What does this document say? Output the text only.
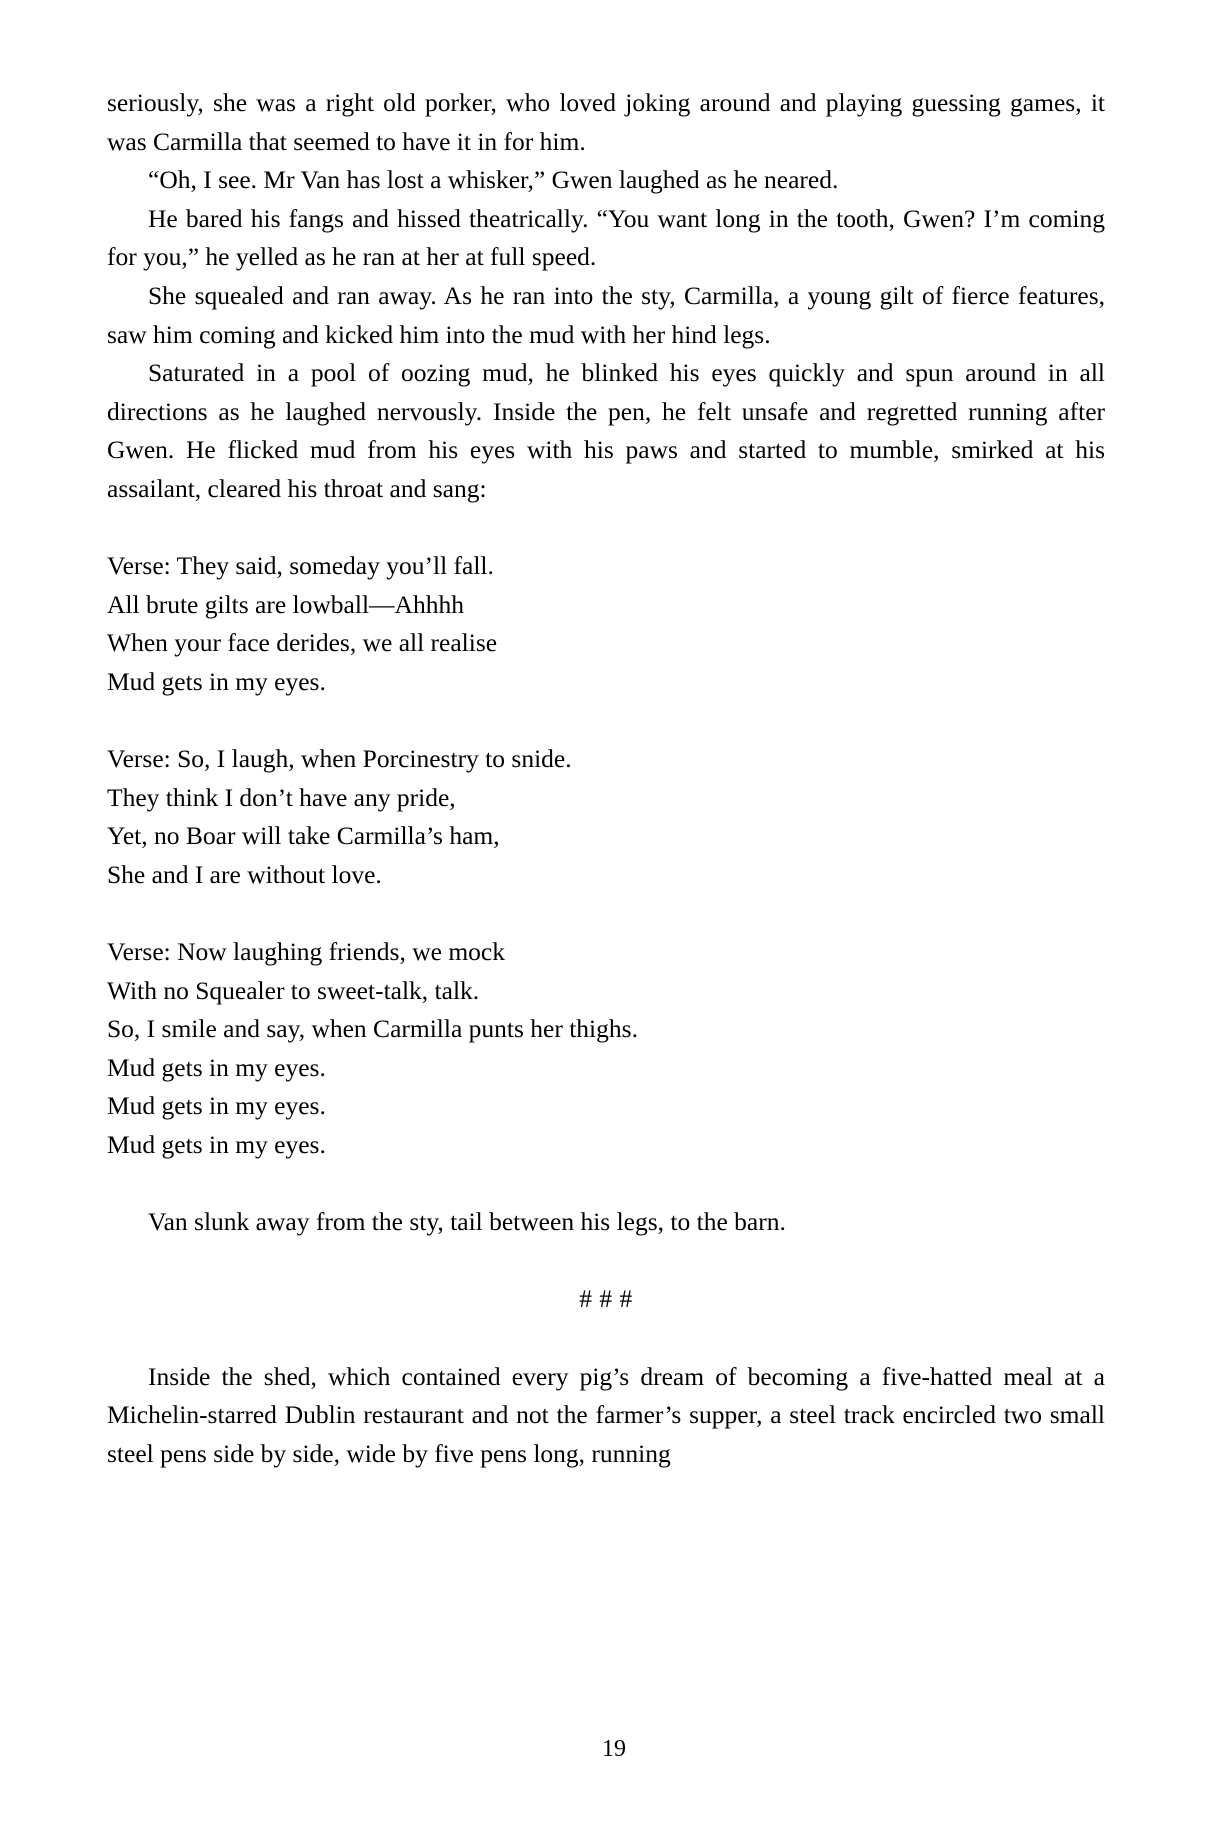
seriously, she was a right old porker, who loved joking around and playing guessing games, it was Carmilla that seemed to have it in for him.

“Oh, I see. Mr Van has lost a whisker,” Gwen laughed as he neared.

He bared his fangs and hissed theatrically. “You want long in the tooth, Gwen? I’m coming for you,” he yelled as he ran at her at full speed.

She squealed and ran away. As he ran into the sty, Carmilla, a young gilt of fierce features, saw him coming and kicked him into the mud with her hind legs.

Saturated in a pool of oozing mud, he blinked his eyes quickly and spun around in all directions as he laughed nervously. Inside the pen, he felt unsafe and regretted running after Gwen. He flicked mud from his eyes with his paws and started to mumble, smirked at his assailant, cleared his throat and sang:

Verse: They said, someday you’ll fall.
All brute gilts are lowball—Ahhhh
When your face derides, we all realise
Mud gets in my eyes.

Verse: So, I laugh, when Porcinestry to snide.
They think I don’t have any pride,
Yet, no Boar will take Carmilla’s ham,
She and I are without love.

Verse: Now laughing friends, we mock
With no Squealer to sweet-talk, talk.
So, I smile and say, when Carmilla punts her thighs.
Mud gets in my eyes.
Mud gets in my eyes.
Mud gets in my eyes.

Van slunk away from the sty, tail between his legs, to the barn.

# # #

Inside the shed, which contained every pig’s dream of becoming a five-hatted meal at a Michelin-starred Dublin restaurant and not the farmer’s supper, a steel track encircled two small steel pens side by side, wide by five pens long, running

19
